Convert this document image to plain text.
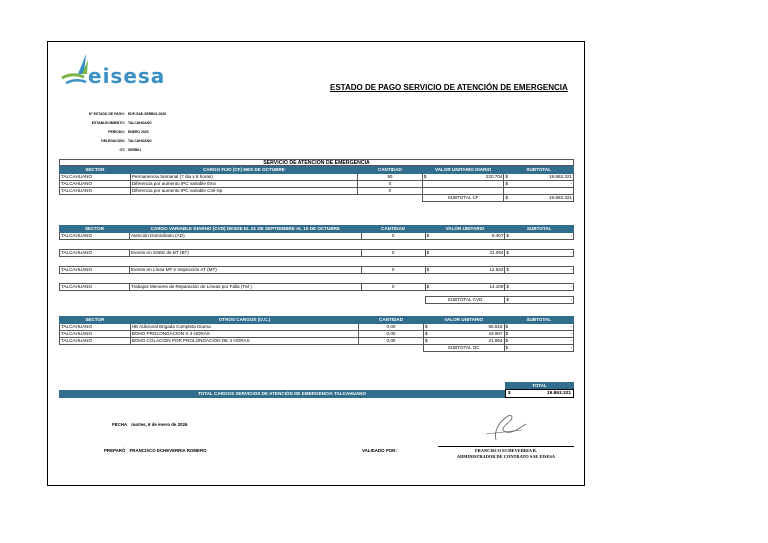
eisesa	ESTADO DE PAGO SERVICIO DE ATENCIÓN DE EMERGENCIA
N° ESTADO DE PAGO: EDP-SAE-SERB01-2026
ESTABLECIMIENTO: TALCAHUANO
PERIODO: ENERO 2025
DELEGACION: TALCAHUANO
OT: SERB01
SERVICIO DE ATENCION DE EMERGENCIA
SECTOR	CARGO FIJO (CF) MES DE OCTUBRE	CANTIDAD	VALOR UNITARIO DIARIO	SUBTOTAL
TALCAHUANO	Permanencia Semanal (7 dia x 8 horas)	90	$ 220.704	$ 19.863.321
TALCAHUANO	Diferencia por aumento IPC variable thno	0		$ -
TALCAHUANO	Diferencia por aumento IPC variable Cml-Sp	0		
			SUBTOTAL CF	$ 19.863.321
SECTOR	CARGO VARIABLE DIARNO (CVD) DESDE EL 01 DE SEPTIEMBRE AL 15 DE OCTUBRE	CANTIDAD	VALOR UNITARIO	SUBTOTAL
TALCAHUANO	Atención Domiciliario (AD)	0	$ 9.407	$ -

TALCAHUANO	Evento en SSEE de BT (BT)	0	$ 31.094	$ -

TALCAHUANO	Evento en Línea MT e Inspección AT (MT)	0	$ 12.542	$ -

TALCAHUANO	Trabajos Menores de Reparación de Líneas por Falla (TM )	0	$ 14.109	$ -

			SUBTOTAL CVD	$ -
SECTOR	OTROS CARGOS (O.C.)	CANTIDAD	VALOR UNITARIO	SUBTOTAL
TALCAHUANO	HE Adicional Brigada Completa Diurna	0,00	$ 55.515	$ -
TALCAHUANO	BONO PROLONGACION X 4 HORAS	0,00	$ 43.907	$ -
TALCAHUANO	BONO COLACION POR PROLONGACION DE 4 HORAS	0,00	$ 21.954	$ -
			SUBTOTAL OC	$ -
TOTAL CARGOS SERVICIOS DE ATENCIÓN DE EMERGENCIA TALCAHUANO
TOTAL
$	19.863.321
FECHA martes, 6 de enero de 2026
PREPARÓ FRANCISCO ECHEVERRIA ROMERO	VALIDADO POR:	FRANCISCO ECHEVERRIA R.
ADMINISTRADOR DE CONTRATO SAE EISESA
